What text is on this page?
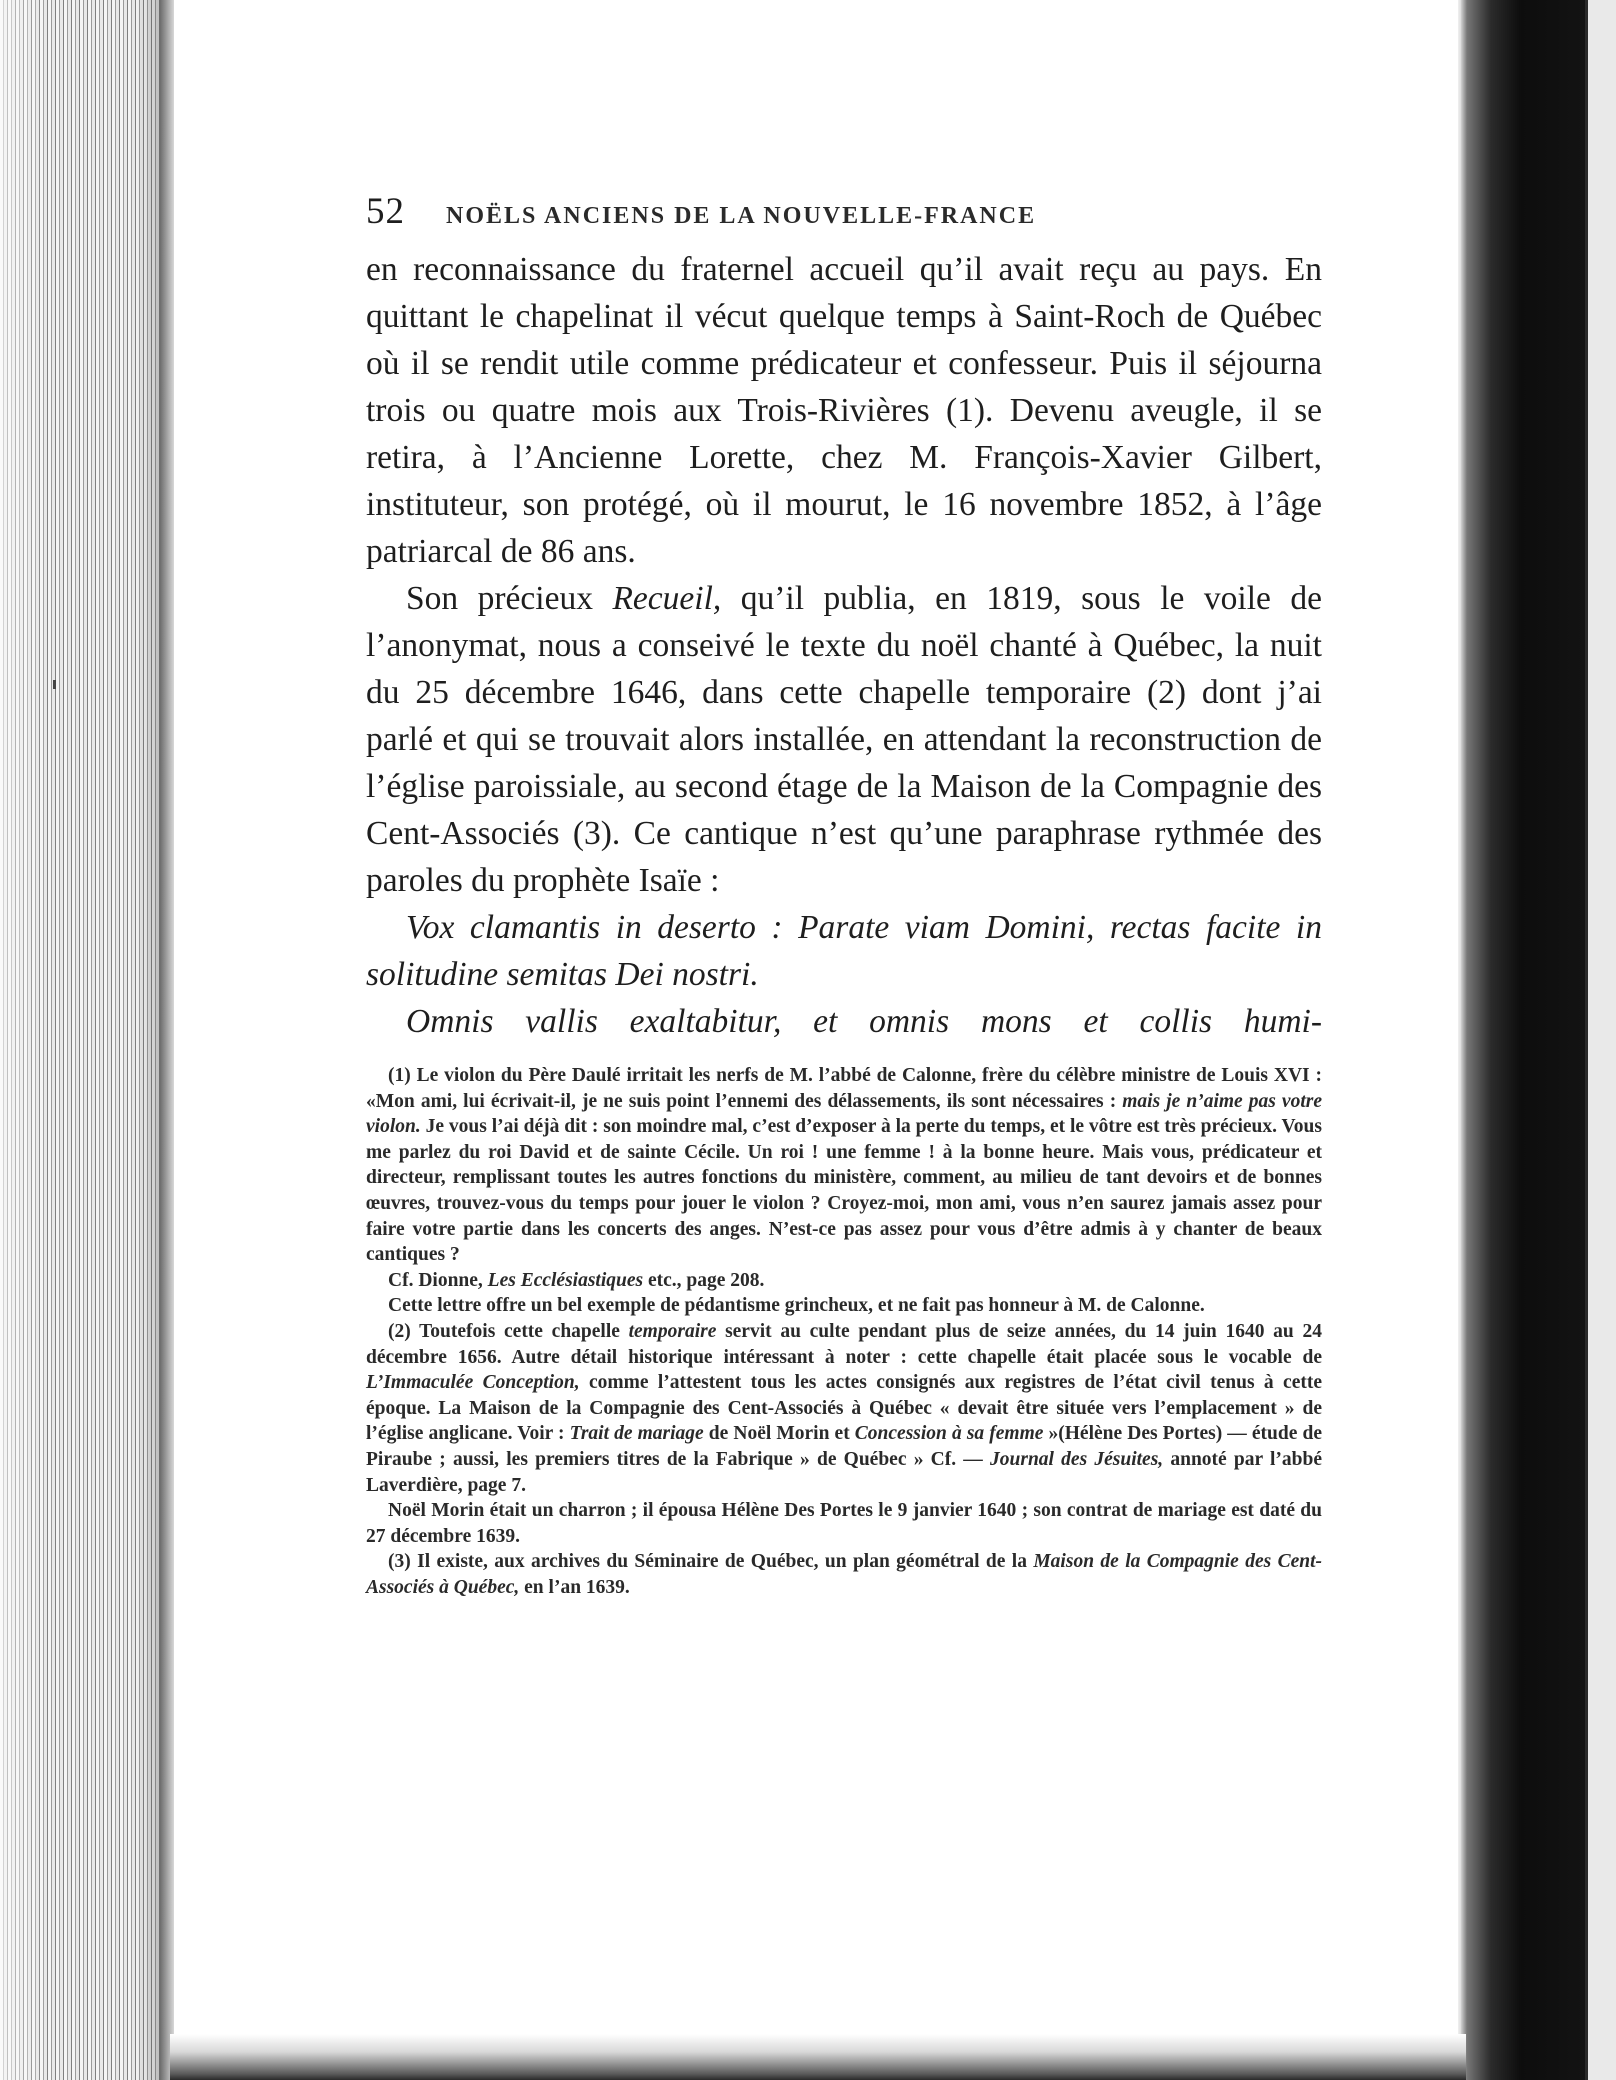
52	NOËLS ANCIENS DE LA NOUVELLE-FRANCE

en reconnaissance du fraternel accueil qu’il avait reçu au pays. En quittant le chapelinat il vécut quelque temps à Saint-Roch de Québec où il se rendit utile comme prédicateur et confesseur. Puis il séjourna trois ou quatre mois aux Trois-Rivières (1). Devenu aveugle, il se retira, à l’Ancienne Lorette, chez M. François-Xavier Gilbert, instituteur, son protégé, où il mourut, le 16 novembre 1852, à l’âge patriarcal de 86 ans.

Son précieux Recueil, qu’il publia, en 1819, sous le voile de l’anonymat, nous a conseivé le texte du noël chanté à Québec, la nuit du 25 décembre 1646, dans cette chapelle temporaire (2) dont j’ai parlé et qui se trouvait alors installée, en attendant la reconstruction de l’église paroissiale, au second étage de la Maison de la Compagnie des Cent-Associés (3). Ce cantique n’est qu’une paraphrase rythmée des paroles du prophète Isaïe :

Vox clamantis in deserto : Parate viam Domini, rectas facite in solitudine semitas Dei nostri.

Omnis vallis exaltabitur, et omnis mons et collis humi-

(1) Le violon du Père Daulé irritait les nerfs de M. l’abbé de Calonne, frère du célèbre ministre de Louis XVI : «Mon ami, lui écrivait-il, je ne suis point l’ennemi des délassements, ils sont nécessaires : mais je n’aime pas votre violon. Je vous l’ai déjà dit : son moindre mal, c’est d’exposer à la perte du temps, et le vôtre est très précieux. Vous me parlez du roi David et de sainte Cécile. Un roi ! une femme ! à la bonne heure. Mais vous, prédicateur et directeur, remplissant toutes les autres fonctions du ministère, comment, au milieu de tant devoirs et de bonnes œuvres, trouvez-vous du temps pour jouer le violon ? Croyez-moi, mon ami, vous n’en saurez jamais assez pour faire votre partie dans les concerts des anges. N’est-ce pas assez pour vous d’être admis à y chanter de beaux cantiques ?

Cf. Dionne, Les Ecclésiastiques etc., page 208.

Cette lettre offre un bel exemple de pédantisme grincheux, et ne fait pas honneur à M. de Calonne.

(2) Toutefois cette chapelle temporaire servit au culte pendant plus de seize années, du 14 juin 1640 au 24 décembre 1656. Autre détail historique intéressant à noter : cette chapelle était placée sous le vocable de L’Immaculée Conception, comme l’attestent tous les actes consignés aux registres de l’état civil tenus à cette époque. La Maison de la Compagnie des Cent-Associés à Québec « devait être située vers l’emplacement » de l’église anglicane. Voir : Trait de mariage de Noël Morin et Concession à sa femme »(Hélène Des Portes) — étude de Piraube ; aussi, les premiers titres de la Fabrique » de Québec » Cf. — Journal des Jésuites, annoté par l’abbé Laverdière, page 7.

Noël Morin était un charron ; il épousa Hélène Des Portes le 9 janvier 1640 ; son contrat de mariage est daté du 27 décembre 1639.

(3) Il existe, aux archives du Séminaire de Québec, un plan géométral de la Maison de la Compagnie des Cent-Associés à Québec, en l’an 1639.
